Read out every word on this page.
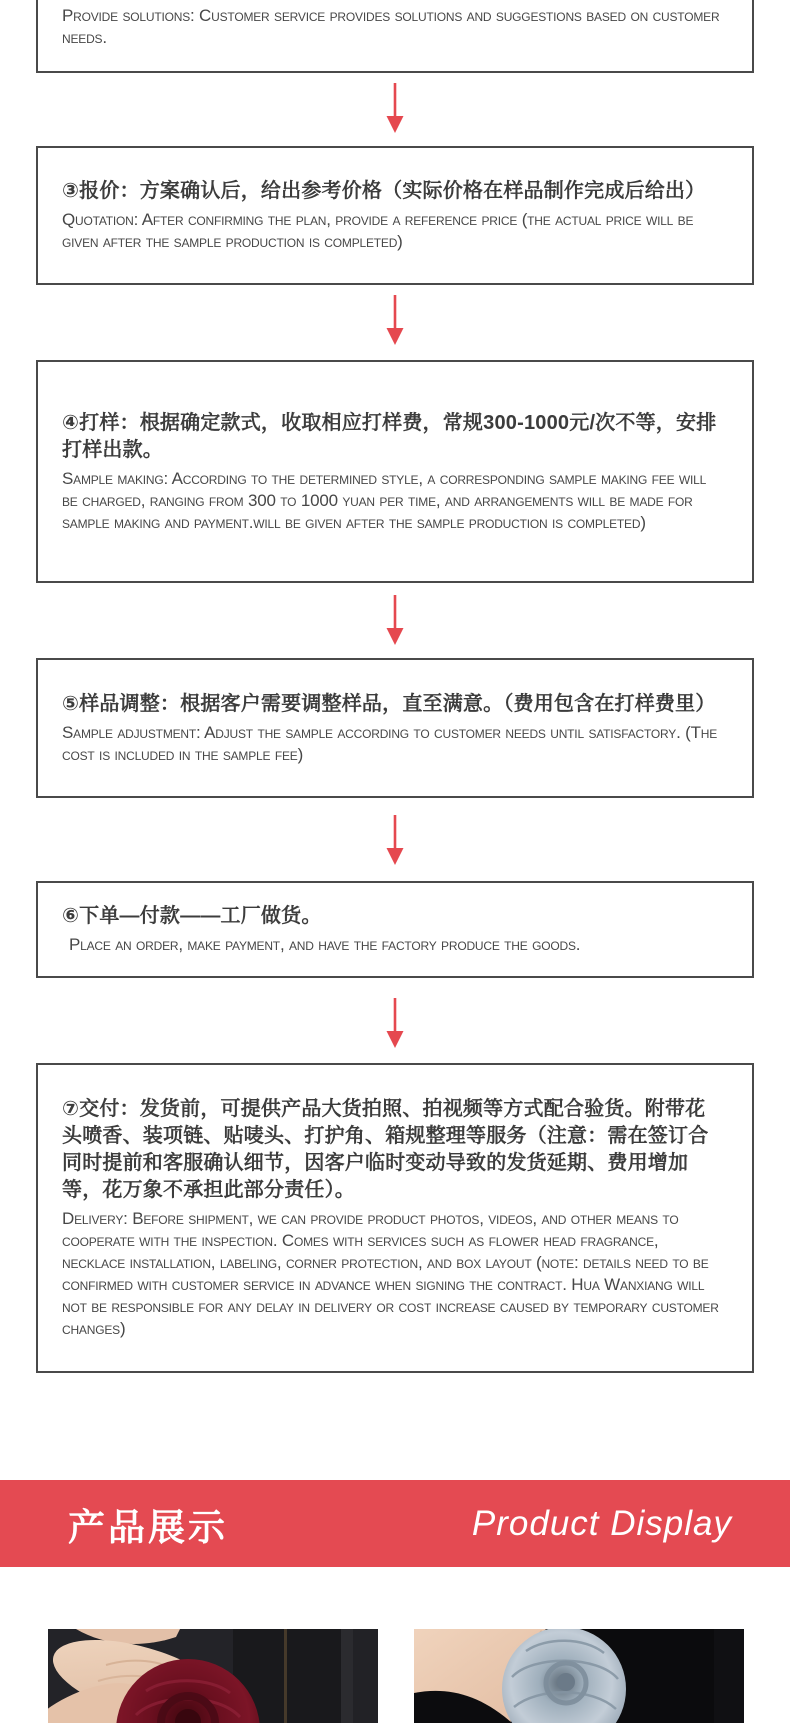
Provide solutions: Customer service provides solutions and suggestions based on customer needs.
③报价：方案确认后，给出参考价格（实际价格在样品制作完成后给出）
Quotation: After confirming the plan, provide a reference price (the actual price will be given after the sample production is completed)
④打样：根据确定款式，收取相应打样费，常规300-1000元/次不等，安排打样出款。
Sample making: According to the determined style, a corresponding sample making fee will be charged, ranging from 300 to 1000 yuan per time, and arrangements will be made for sample making and payment.will be given after the sample production is completed)
⑤样品调整：根据客户需要调整样品，直至满意。（费用包含在打样费里）
Sample adjustment: Adjust the sample according to customer needs until satisfactory. (The cost is included in the sample fee)
⑥下单—付款——工厂做货。
Place an order, make payment, and have the factory produce the goods.
⑦交付：发货前，可提供产品大货拍照、拍视频等方式配合验货。附带花头喷香、装项链、贴唛头、打护角、箱规整理等服务（注意：需在签订合同时提前和客服确认细节，因客户临时变动导致的发货延期、费用增加等，花万象不承担此部分责任）。
Delivery: Before shipment, we can provide product photos, videos, and other means to cooperate with the inspection. Comes with services such as flower head fragrance, necklace installation, labeling, corner protection, and box layout (note: details need to be confirmed with customer service in advance when signing the contract. Hua Wanxiang will not be responsible for any delay in delivery or cost increase caused by temporary customer changes)
产品展示	Product Display
